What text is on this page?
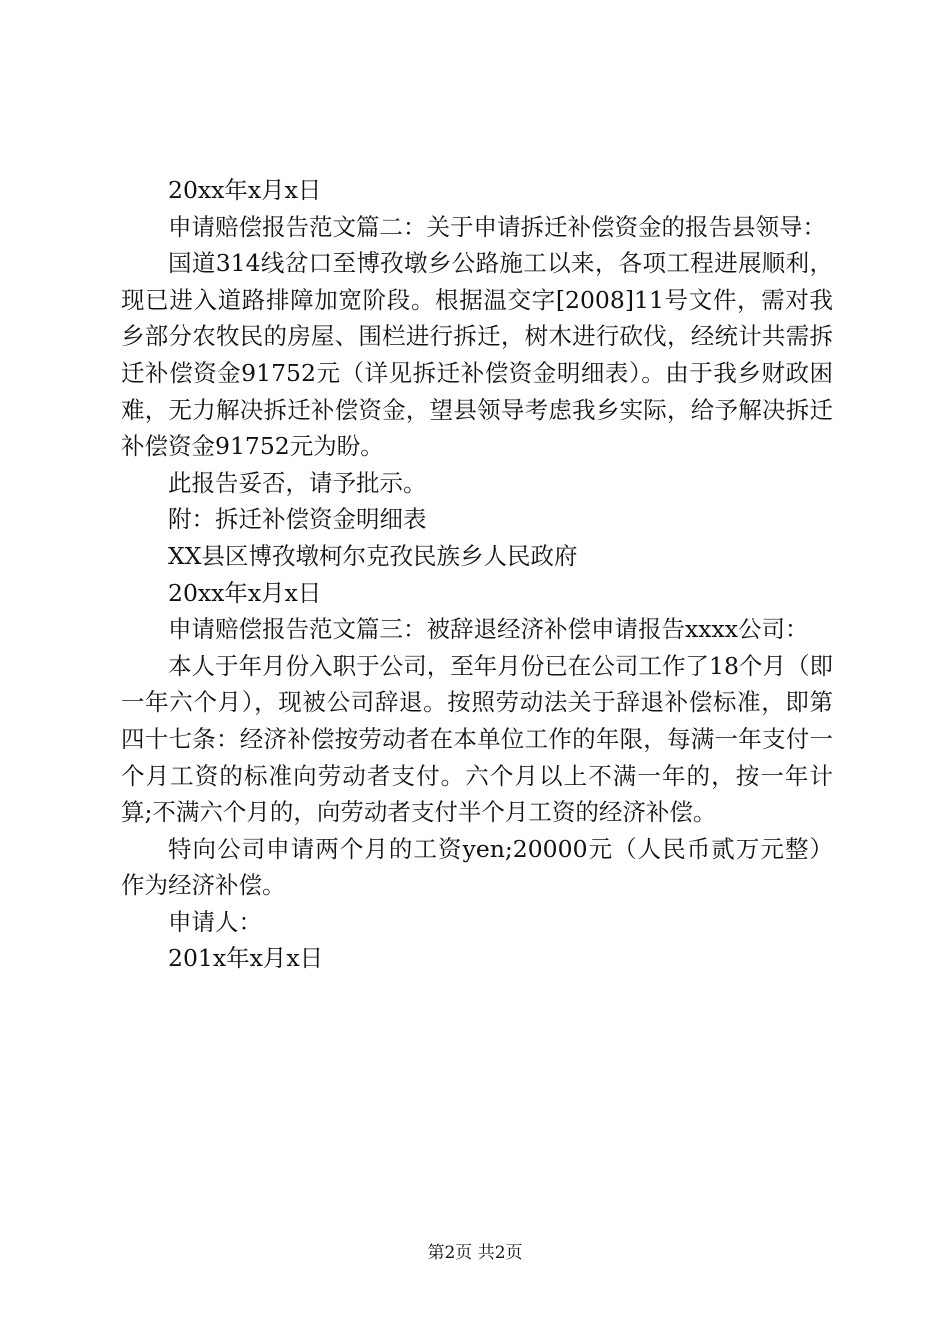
20xx年x月x日

申请赔偿报告范文篇二：关于申请拆迁补偿资金的报告县领导：

国道314线岔口至博孜墩乡公路施工以来，各项工程进展顺利，现已进入道路排障加宽阶段。根据温交字[2008]11号文件，需对我乡部分农牧民的房屋、围栏进行拆迁，树木进行砍伐，经统计共需拆迁补偿资金91752元（详见拆迁补偿资金明细表）。由于我乡财政困难，无力解决拆迁补偿资金，望县领导考虑我乡实际，给予解决拆迁补偿资金91752元为盼。

此报告妥否，请予批示。

附：拆迁补偿资金明细表

XX县区博孜墩柯尔克孜民族乡人民政府

20xx年x月x日

申请赔偿报告范文篇三：被辞退经济补偿申请报告xxxx公司：

本人于年月份入职于公司，至年月份已在公司工作了18个月（即一年六个月），现被公司辞退。按照劳动法关于辞退补偿标准，即第四十七条：经济补偿按劳动者在本单位工作的年限，每满一年支付一个月工资的标准向劳动者支付。六个月以上不满一年的，按一年计算;不满六个月的，向劳动者支付半个月工资的经济补偿。

特向公司申请两个月的工资yen;20000元（人民币贰万元整）作为经济补偿。

申请人：

201x年x月x日

第2页 共2页
